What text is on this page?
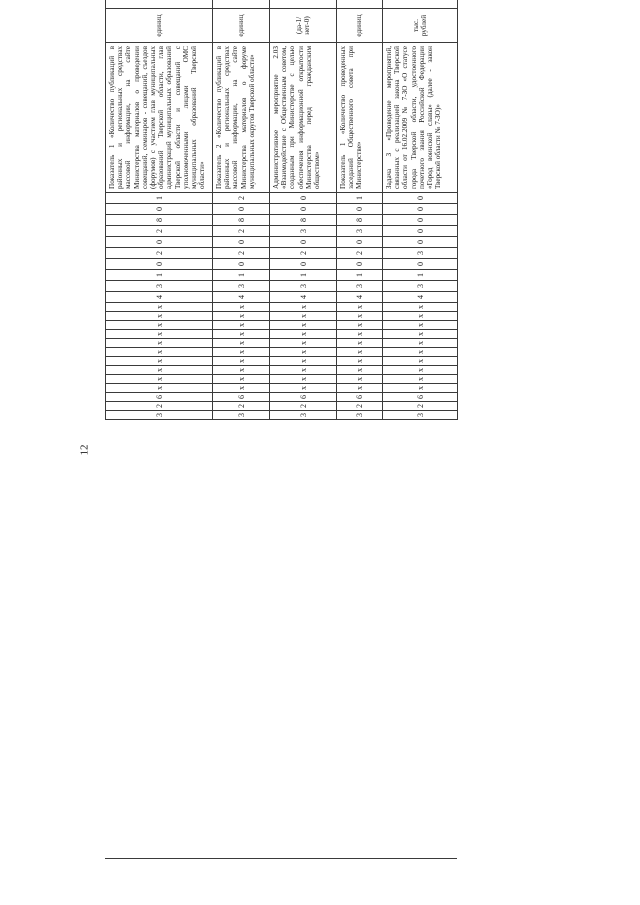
12
3	2	6	х	х	х	х	х	х	х	х	х	х	4	3	1	0	2	0	2	8	0	1	Показатель 1 «Количество публикаций в районных и региональных средствах массовой информации, на сайте Министерства материалов о проведении совещаний, семинаров - совещаний, съездов (форумов) с участием глав муниципальных образований Тверской области, глав администраций муниципальных образований Тверской области и совещаний с уполномоченными лицами ОМС муниципальных образований Тверской области»	единиц								
3	2	6	х	х	х	х	х	х	х	х	х	х	4	3	1	0	2	0	2	8	0	2	Показатель 2 «Количество публикаций в районных и региональных средствах массовой информации, на сайте Министерства материалов о форуме муниципальных округов Тверской области»	единиц								
3	2	6	х	х	х	х	х	х	х	х	х	х	4	3	1	0	2	0	3	8	0	0	Административное мероприятие 2.03 «Взаимодействие с Общественным советом, созданным при Министерстве с целью обеспечения информационной открытости Министерства перед гражданским обществом»	(да-1/ нет-0)								
3	2	6	х	х	х	х	х	х	х	х	х	х	4	3	1	0	2	0	3	8	0	1	Показатель 1 «Количество проведенных заседаний Общественного совета при Министерстве»	единиц								
3	2	6	х	х	х	х	х	х	х	х	х	х	4	3	1	0	3	0	0	0	0	0	Задача 3 «Проведение мероприятий, связанных с реализацией закона Тверской области от 16.02.2009 № 7-ЗО «О статусе города Тверской области, удостоенного почетного звания Российской Федерации «Город воинской славы» (далее - закон Тверской области № 7-ЗО)»	тыс. рублей								
